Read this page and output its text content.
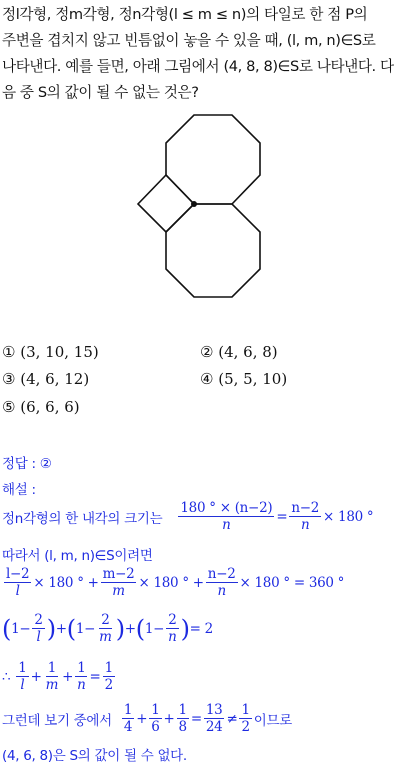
정l각형, 정m각형, 정n각형(l ≤ m ≤ n)의 타일로 한 점 P의
주변을 겹치지 않고 빈틈없이 놓을 수 있을 때, (l, m, n)∈S로
나타낸다. 예를 들면, 아래 그림에서 (4, 8, 8)∈S로 나타낸다. 다
음 중 S의 값이 될 수 없는 것은?
① (3, 10, 15)	② (4, 6, 8)
③ (4, 6, 12)	④ (5, 5, 10)
⑤ (6, 6, 6)
정답 : ②
해설 :
정n각형의 한 내각의 크기는 $\frac{180 ^\circ \times (n-2)}{n} = \frac{n-2}{n} \times 180$ °
따라서 (l, m, n)∈S이려면
$\frac{l-2}{l} \times 180$ °
+ $\frac{m-2}{m} \times 180$ °
+ $\frac{n-2}{n} \times 180$ °
= 360 °
( $1- \frac{2}{l}$ ) + ( $1- \frac{2}{m}$ ) + ( $1- \frac{2}{n}$ ) = 2
∴
$\frac{1}{l} + \frac{1}{m} + \frac{1}{n} = \frac{1}{2}$
그런데 보기 중에서
$\frac{1}{4} + \frac{1}{6} + \frac{1}{8} = \frac{13}{24} \ne \frac{1}{2}$ 이므로
(4, 6, 8)은 S의 값이 될 수 없다.
